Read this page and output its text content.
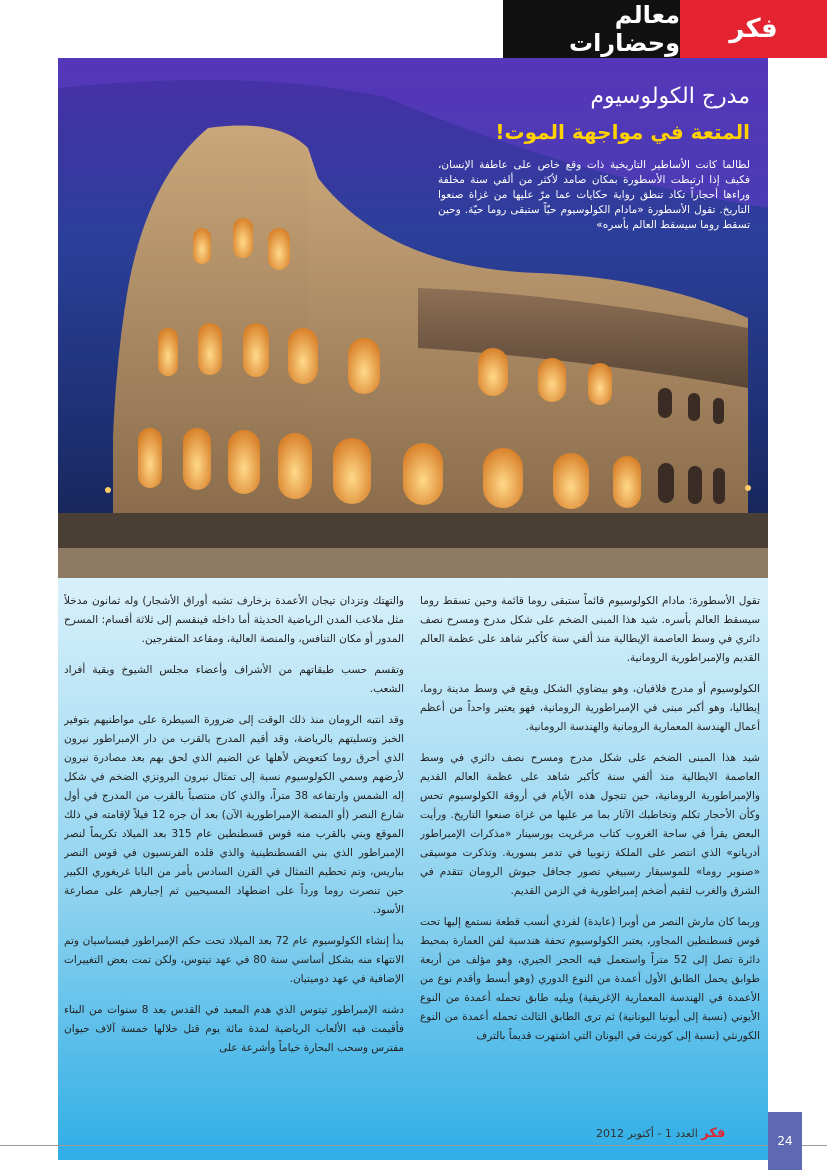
معالم وحضارات	فكر
مدرج الكولوسيوم
المتعة في مواجهة الموت!
لطالما كانت الأساطير التاريخية ذات وقع خاص على عاطفة الإنسان، فكيف إذا ارتبطت الأسطورة بمكان صامد لأكثر من ألفي سنة مخلفة وراءها أحجاراً تكاد تنطق رواية حكايات عما مرّ عليها من غزاة صنعوا التاريخ. تقول الأسطورة «مادام الكولوسيوم حيّاً ستبقى روما حيّة. وحين تسقط روما سيسقط العالم بأسره»

تقول الأسطورة: مادام الكولوسيوم قائماً ستبقى روما قائمة وحين تسقط روما سيسقط العالم بأسره. شيد هذا المبنى الضخم على شكل مدرج ومسرح نصف دائري في وسط العاصمة الإيطالية منذ ألفي سنة كأكبر شاهد على عظمة العالم القديم والإمبراطورية الرومانية.

الكولوسيوم أو مدرج فلافيان، وهو بيضاوي الشكل ويقع في وسط مدينة روما، إيطاليا، وهو أكبر مبنى في الإمبراطورية الرومانية، فهو يعتبر واحداً من أعظم أعمال الهندسة المعمارية الرومانية والهندسة الرومانية.

شيد هذا المبنى الضخم على شكل مدرج ومسرح نصف دائري في وسط العاصمة الايطالية منذ ألفي سنة كأكبر شاهد على عظمة العالم القديم والإمبراطورية الرومانية، حين تتجول هذه الأيام في أروقة الكولوسيوم تحس وكأن الأحجار تكلم وتخاطبك الآثار بما مر عليها من غزاة صنعوا التاريخ. ورأيت البعض يقرأ في ساحة الغروب كتاب مرغريت يورسينار «مذكرات الإمبراطور أدريانو» الذي انتصر على الملكة زنوبيا في تدمر بسورية. وتذكرت موسيقى «صنوبر روما» للموسيقار رسبيغي تصور جحافل جيوش الرومان تتقدم في الشرق والغرب لتقيم أضخم إمبراطورية في الزمن القديم.

وربما كان مارش النصر من أوبرا (عايدة) لفردي أنسب قطعة نستمع إليها تحت قوس قسطنطين المجاور، يعتبر الكولوسيوم تحفة هندسية لفن العمارة بمحيط دائرة تصل إلى 52 متراً واستعمل فيه الحجر الجيري، وهو مؤلف من أربعة طوابق يحمل الطابق الأول أعمدة من النوع الدوري (وهو أبسط وأقدم نوع من الأعمدة في الهندسة المعمارية الإغريقية) ويليه طابق تحمله أعمدة من النوع الأيوني (نسبة إلى أيونيا اليونانية) ثم ترى الطابق الثالث تحمله أعمدة من النوع الكورنثي (نسبة إلى كورنث في اليونان التي اشتهرت قديماً بالترف

والتهتك وتزدان تيجان الأعمدة بزخارف تشبه أوراق الأشجار) وله ثمانون مدخلاً مثل ملاعب المدن الرياضية الحديثة أما داخله فينقسم إلى ثلاثة أقسام: المسرح المدور أو مكان التنافس، والمنصة العالية، ومقاعد المتفرجين.

وتقسم حسب طبقاتهم من الأشراف وأعضاء مجلس الشيوخ وبقية أفراد الشعب.

وقد انتبه الرومان منذ ذلك الوقت إلى ضرورة السيطرة على مواطنيهم بتوفير الخبز وتسليتهم بالرياضة، وقد أقيم المدرج بالقرب من دار الإمبراطور نيرون الذي أحرق روما كتعويض لأهلها عن الضيم الذي لحق بهم بعد مصادرة نيرون لأرضهم وسمي الكولوسيوم نسبة إلى تمثال نيرون البرونزي الضخم في شكل إله الشمس وارتفاعه 38 متراً، والذي كان منتصباً بالقرب من المدرج في أول شارع النصر (أو المنصة الإمبراطورية الآن) بعد أن جره 12 فيلاً لإقامته في ذلك الموقع وبني بالقرب منه قوس قسطنطين عام 315 بعد الميلاد تكريماً لنصر الإمبراطور الذي بني القسطنطينية والذي قلده الفرنسيون في قوس النصر بباريس، وتم تحطيم التمثال في القرن السادس بأمر من البابا غريغوري الكبير حين تنصرت روما ورداً على اضطهاد المسيحيين ثم إجبارهم على مصارعة الأسود.

بدأ إنشاء الكولوسيوم عام 72 بعد الميلاد تحت حكم الإمبراطور فيسباسيان وتم الانتهاء منه بشكل أساسي سنة 80 في عهد تيتوس، ولكن تمت بعض التغييرات الإضافية في عهد دوميتيان.

دشنه الإمبراطور تيتوس الذي هدم المعبد في القدس بعد 8 سنوات من البناء فأقيمت فيه الألعاب الرياضية لمدة مائة يوم قتل خلالها خمسة آلاف حيوان مفترس وسحب البحارة خياماً وأشرعة على

فكر العدد 1 - أكتوبر 2012
24
